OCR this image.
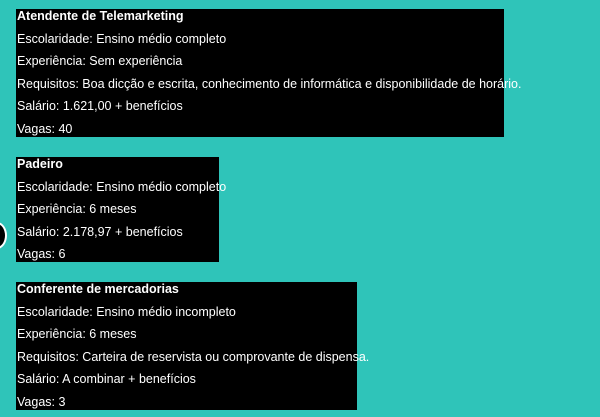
Atendente de Telemarketing
Escolaridade: Ensino médio completo
Experiência: Sem experiência
Requisitos: Boa dicção e escrita, conhecimento de informática e disponibilidade de horário.
Salário: 1.621,00 + benefícios
Vagas: 40
Padeiro
Escolaridade: Ensino médio completo
Experiência: 6 meses
Salário: 2.178,97 + benefícios
Vagas: 6
Conferente de mercadorias
Escolaridade: Ensino médio incompleto
Experiência: 6 meses
Requisitos: Carteira de reservista ou comprovante de dispensa.
Salário: A combinar + benefícios
Vagas: 3
